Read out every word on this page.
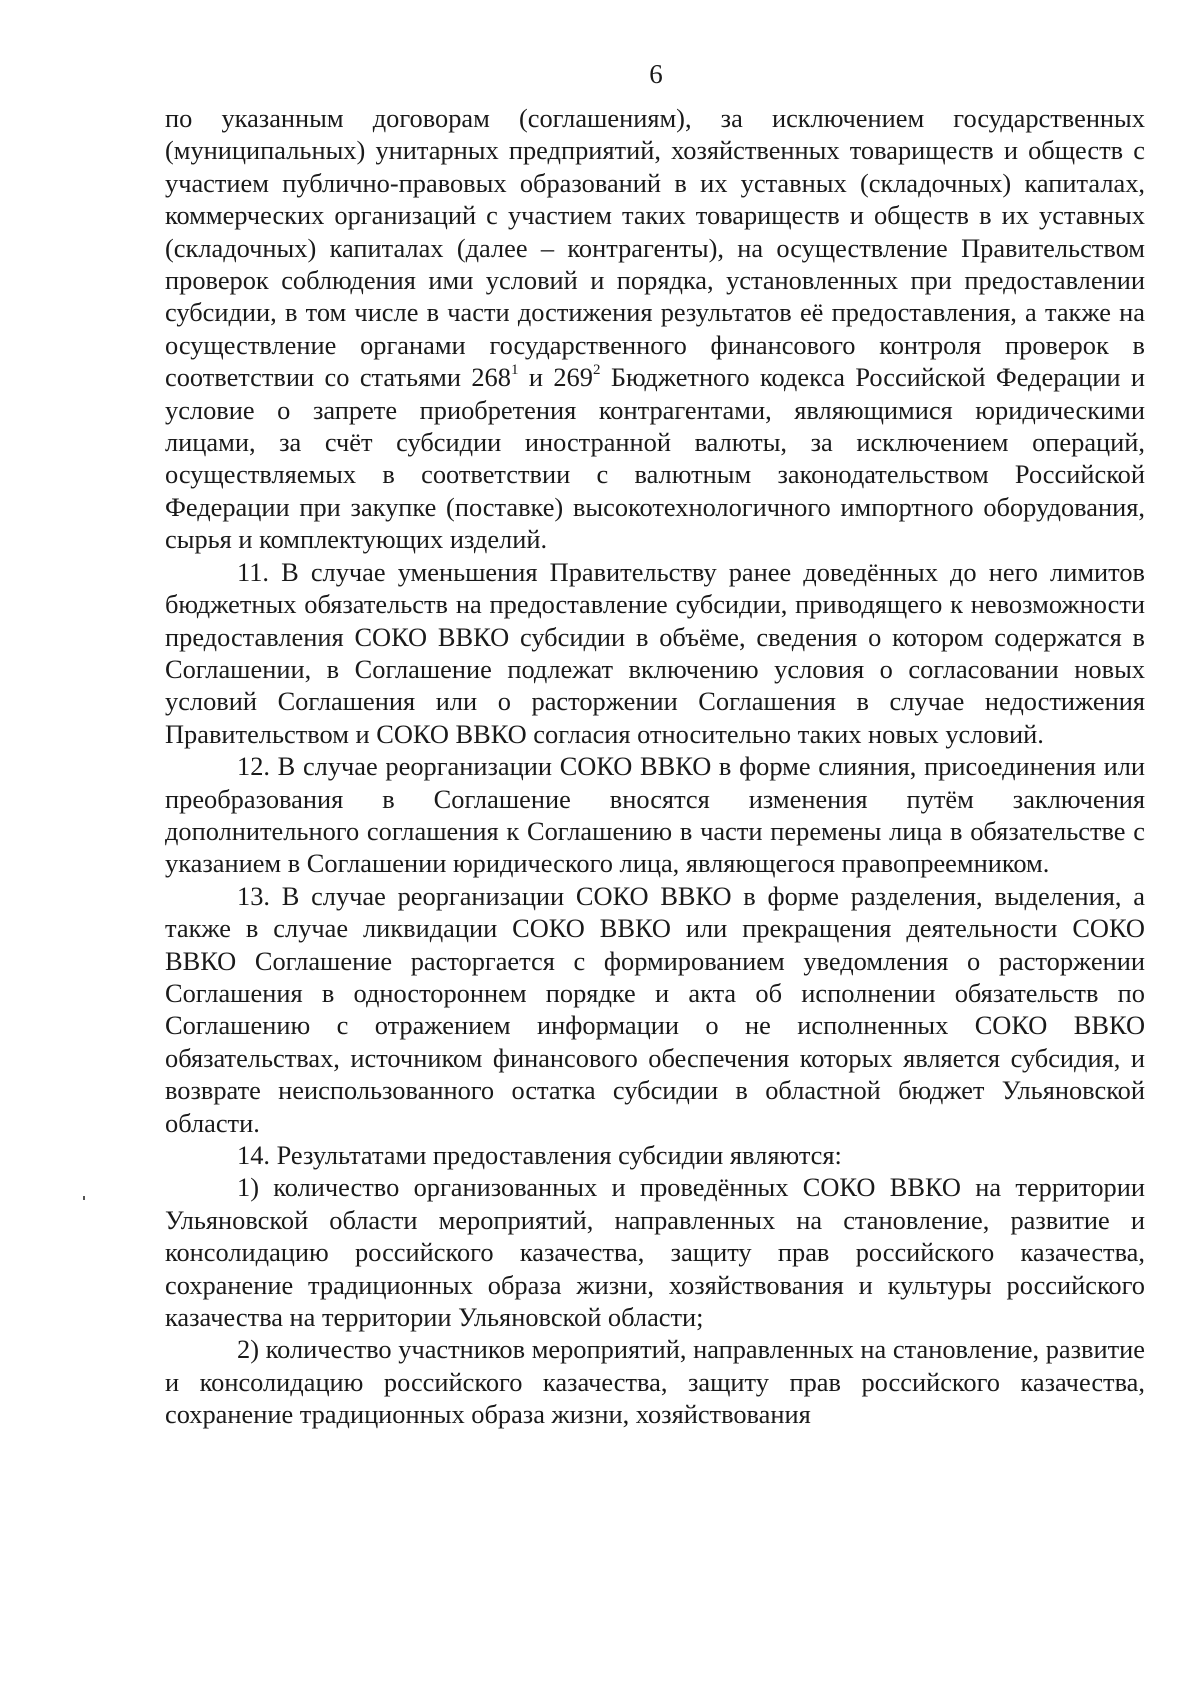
6

по указанным договорам (соглашениям), за исключением государственных (муниципальных) унитарных предприятий, хозяйственных товариществ и обществ с участием публично-правовых образований в их уставных (складочных) капиталах, коммерческих организаций с участием таких товариществ и обществ в их уставных (складочных) капиталах (далее – контрагенты), на осуществление Правительством проверок соблюдения ими условий и порядка, установленных при предоставлении субсидии, в том числе в части достижения результатов её предоставления, а также на осуществление органами государственного финансового контроля проверок в соответствии со статьями $268^1$ и $269^2$ Бюджетного кодекса Российской Федерации и условие о запрете приобретения контрагентами, являющимися юридическими лицами, за счёт субсидии иностранной валюты, за исключением операций, осуществляемых в соответствии с валютным законодательством Российской Федерации при закупке (поставке) высокотехнологичного импортного оборудования, сырья и комплектующих изделий.

11. В случае уменьшения Правительству ранее доведённых до него лимитов бюджетных обязательств на предоставление субсидии, приводящего к невозможности предоставления СОКО ВВКО субсидии в объёме, сведения о котором содержатся в Соглашении, в Соглашение подлежат включению условия о согласовании новых условий Соглашения или о расторжении Соглашения в случае недостижения Правительством и СОКО ВВКО согласия относительно таких новых условий.

12. В случае реорганизации СОКО ВВКО в форме слияния, присоединения или преобразования в Соглашение вносятся изменения путём заключения дополнительного соглашения к Соглашению в части перемены лица в обязательстве с указанием в Соглашении юридического лица, являющегося правопреемником.

13. В случае реорганизации СОКО ВВКО в форме разделения, выделения, а также в случае ликвидации СОКО ВВКО или прекращения деятельности СОКО ВВКО Соглашение расторгается с формированием уведомления о расторжении Соглашения в одностороннем порядке и акта об исполнении обязательств по Соглашению с отражением информации о не исполненных СОКО ВВКО обязательствах, источником финансового обеспечения которых является субсидия, и возврате неиспользованного остатка субсидии в областной бюджет Ульяновской области.

14. Результатами предоставления субсидии являются:

1) количество организованных и проведённых СОКО ВВКО на территории Ульяновской области мероприятий, направленных на становление, развитие и консолидацию российского казачества, защиту прав российского казачества, сохранение традиционных образа жизни, хозяйствования и культуры российского казачества на территории Ульяновской области;

2) количество участников мероприятий, направленных на становление, развитие и консолидацию российского казачества, защиту прав российского казачества, сохранение традиционных образа жизни, хозяйствования
